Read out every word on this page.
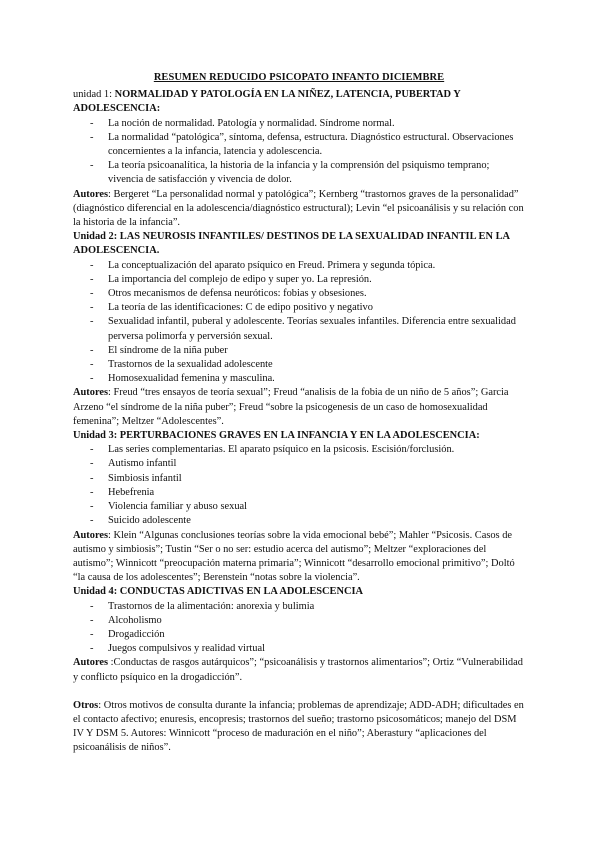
RESUMEN REDUCIDO PSICOPATO INFANTO DICIEMBRE

unidad 1: NORMALIDAD Y PATOLOGÍA EN LA NIÑEZ, LATENCIA, PUBERTAD Y ADOLESCENCIA:

- La noción de normalidad. Patología y normalidad. Síndrome normal.
- La normalidad “patológica”, síntoma, defensa, estructura. Diagnóstico estructural. Observaciones concernientes a la infancia, latencia y adolescencia.
- La teoría psicoanalítica, la historia de la infancia y la comprensión del psiquismo temprano; vivencia de satisfacción y vivencia de dolor.

Autores: Bergeret “La personalidad normal y patológica”; Kernberg “trastornos graves de la personalidad” (diagnóstico diferencial en la adolescencia/diagnóstico estructural); Levin “el psicoanálisis y su relación con la historia de la infancia”.

Unidad 2: LAS NEUROSIS INFANTILES/ DESTINOS DE LA SEXUALIDAD INFANTIL EN LA ADOLESCENCIA.

- La conceptualización del aparato psíquico en Freud. Primera y segunda tópica.
- La importancia del complejo de edipo y super yo. La represión.
- Otros mecanismos de defensa neuróticos: fobias y obsesiones.
- La teoría de las identificaciones: C de edipo positivo y negativo
- Sexualidad infantil, puberal y adolescente. Teorías sexuales infantiles. Diferencia entre sexualidad perversa polimorfa y perversión sexual.
- El síndrome de la niña puber
- Trastornos de la sexualidad adolescente
- Homosexualidad femenina y masculina.

Autores: Freud “tres ensayos de teoría sexual”; Freud “analisis de la fobia de un niño de 5 años”; Garcia Arzeno “el síndrome de la niña puber”; Freud “sobre la psicogenesis de un caso de homosexualidad femenina”; Meltzer “Adolescentes”.

Unidad 3: PERTURBACIONES GRAVES EN LA INFANCIA Y EN LA ADOLESCENCIA:

- Las series complementarias. El aparato psíquico en la psicosis. Escisión/forclusión.
- Autismo infantil
- Simbiosis infantil
- Hebefrenia
- Violencia familiar y abuso sexual
- Suicido adolescente

Autores: Klein “Algunas conclusiones teorías sobre la vida emocional bebé”; Mahler “Psicosis. Casos de autismo y simbiosis”; Tustin “Ser o no ser: estudio acerca del autismo”; Meltzer “exploraciones del autismo”; Winnicott “preocupación materna primaria”; Winnicott “desarrollo emocional primitivo”; Doltó “la causa de los adolescentes”; Berenstein “notas sobre la violencia”.

Unidad 4: CONDUCTAS ADICTIVAS EN LA ADOLESCENCIA

- Trastornos de la alimentación: anorexia y bulimia
- Alcoholismo
- Drogadicción
- Juegos compulsivos y realidad virtual

Autores :Conductas de rasgos autárquicos”; “psicoanálisis y trastornos alimentarios”; Ortiz “Vulnerabilidad y conflicto psíquico en la drogadicción”.

Otros: Otros motivos de consulta durante la infancia; problemas de aprendizaje; ADD-ADH; dificultades en el contacto afectivo; enuresis, encopresis; trastornos del sueño; trastorno psicosomáticos; manejo del DSM IV Y DSM 5. Autores: Winnicott “proceso de maduración en el niño”; Aberastury “aplicaciones del psicoanálisis de niños”.
